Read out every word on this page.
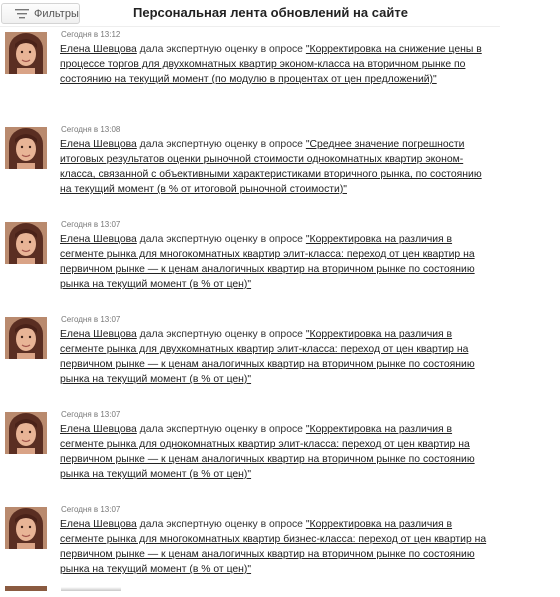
Фильтры	Персональная лента обновлений на сайте
Сегодня в 13:12
Елена Шевцова дала экспертную оценку в опросе "Корректировка на снижение цены в процессе торгов для двухкомнатных квартир эконом-класса на вторичном рынке по состоянию на текущий момент (по модулю в процентах от цен предложений)"
Сегодня в 13:08
Елена Шевцова дала экспертную оценку в опросе "Среднее значение погрешности итоговых результатов оценки рыночной стоимости однокомнатных квартир эконом-класса, связанной с объективными характеристиками вторичного рынка, по состоянию на текущий момент (в % от итоговой рыночной стоимости)"
Сегодня в 13:07
Елена Шевцова дала экспертную оценку в опросе "Корректировка на различия в сегменте рынка для многокомнатных квартир элит-класса: переход от цен квартир на первичном рынке — к ценам аналогичных квартир на вторичном рынке по состоянию рынка на текущий момент (в % от цен)"
Сегодня в 13:07
Елена Шевцова дала экспертную оценку в опросе "Корректировка на различия в сегменте рынка для двухкомнатных квартир элит-класса: переход от цен квартир на первичном рынке — к ценам аналогичных квартир на вторичном рынке по состоянию рынка на текущий момент (в % от цен)"
Сегодня в 13:07
Елена Шевцова дала экспертную оценку в опросе "Корректировка на различия в сегменте рынка для однокомнатных квартир элит-класса: переход от цен квартир на первичном рынке — к ценам аналогичных квартир на вторичном рынке по состоянию рынка на текущий момент (в % от цен)"
Сегодня в 13:07
Елена Шевцова дала экспертную оценку в опросе "Корректировка на различия в сегменте рынка для многокомнатных квартир бизнес-класса: переход от цен квартир на первичном рынке — к ценам аналогичных квартир на вторичном рынке по состоянию рынка на текущий момент (в % от цен)"
